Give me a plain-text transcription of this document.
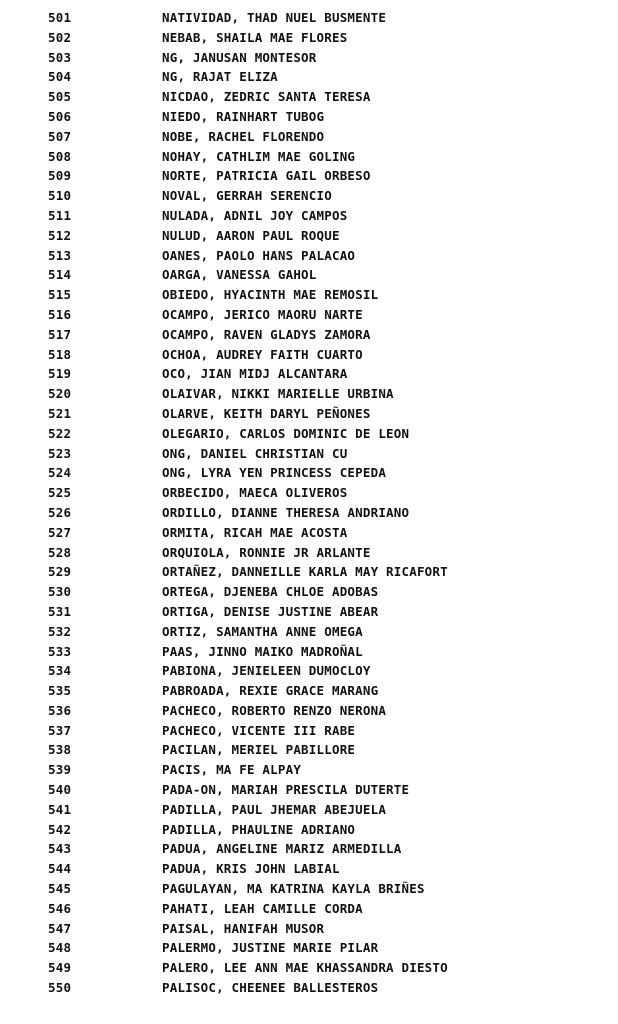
501	NATIVIDAD, THAD NUEL BUSMENTE
502	NEBAB, SHAILA MAE FLORES
503	NG, JANUSAN MONTESOR
504	NG, RAJAT ELIZA
505	NICDAO, ZEDRIC SANTA TERESA
506	NIEDO, RAINHART TUBOG
507	NOBE, RACHEL FLORENDO
508	NOHAY, CATHLIM MAE GOLING
509	NORTE, PATRICIA GAIL ORBESO
510	NOVAL, GERRAH SERENCIO
511	NULADA, ADNIL JOY CAMPOS
512	NULUD, AARON PAUL ROQUE
513	OANES, PAOLO HANS PALACAO
514	OARGA, VANESSA GAHOL
515	OBIEDO, HYACINTH MAE REMOSIL
516	OCAMPO, JERICO MAORU NARTE
517	OCAMPO, RAVEN GLADYS ZAMORA
518	OCHOA, AUDREY FAITH CUARTO
519	OCO, JIAN MIDJ ALCANTARA
520	OLAIVAR, NIKKI MARIELLE URBINA
521	OLARVE, KEITH DARYL PEÑONES
522	OLEGARIO, CARLOS DOMINIC DE LEON
523	ONG, DANIEL CHRISTIAN CU
524	ONG, LYRA YEN PRINCESS CEPEDA
525	ORBECIDO, MAECA OLIVEROS
526	ORDILLO, DIANNE THERESA ANDRIANO
527	ORMITA, RICAH MAE ACOSTA
528	ORQUIOLA, RONNIE JR ARLANTE
529	ORTAÑEZ, DANNEILLE KARLA MAY RICAFORT
530	ORTEGA, DJENEBA CHLOE ADOBAS
531	ORTIGA, DENISE JUSTINE ABEAR
532	ORTIZ, SAMANTHA ANNE OMEGA
533	PAAS, JINNO MAIKO MADROÑAL
534	PABIONA, JENIELEEN DUMOCLOY
535	PABROADA, REXIE GRACE MARANG
536	PACHECO, ROBERTO RENZO NERONA
537	PACHECO, VICENTE III RABE
538	PACILAN, MERIEL PABILLORE
539	PACIS, MA FE ALPAY
540	PADA-ON, MARIAH PRESCILA DUTERTE
541	PADILLA, PAUL JHEMAR ABEJUELA
542	PADILLA, PHAULINE ADRIANO
543	PADUA, ANGELINE MARIZ ARMEDILLA
544	PADUA, KRIS JOHN LABIAL
545	PAGULAYAN, MA KATRINA KAYLA BRIÑES
546	PAHATI, LEAH CAMILLE CORDA
547	PAISAL, HANIFAH MUSOR
548	PALERMO, JUSTINE MARIE PILAR
549	PALERO, LEE ANN MAE KHASSANDRA DIESTO
550	PALISOC, CHEENEE BALLESTEROS
